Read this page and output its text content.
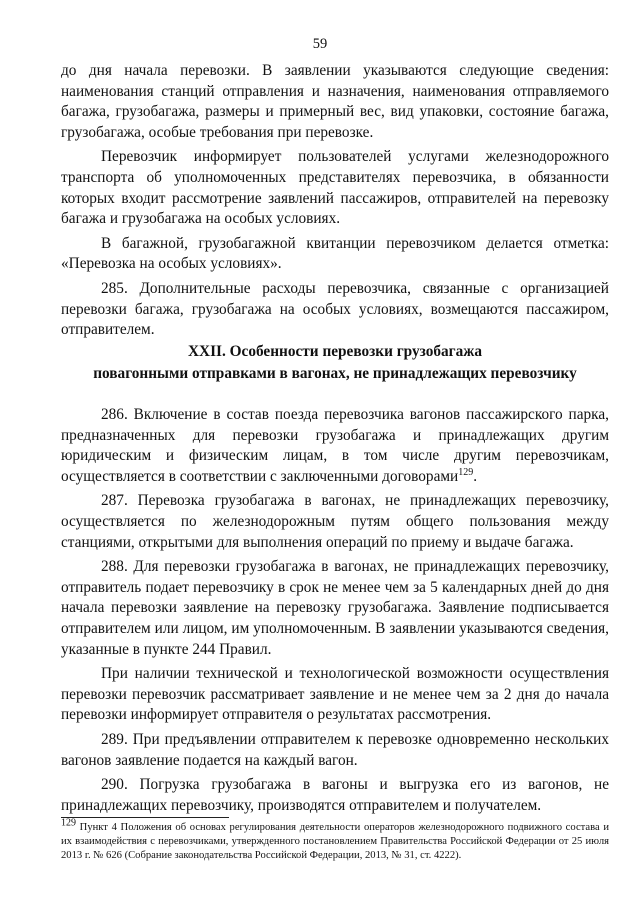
59

до дня начала перевозки. В заявлении указываются следующие сведения: наименования станций отправления и назначения, наименования отправляемого багажа, грузобагажа, размеры и примерный вес, вид упаковки, состояние багажа, грузобагажа, особые требования при перевозке.

Перевозчик информирует пользователей услугами железнодорожного транспорта об уполномоченных представителях перевозчика, в обязанности которых входит рассмотрение заявлений пассажиров, отправителей на перевозку багажа и грузобагажа на особых условиях.

В багажной, грузобагажной квитанции перевозчиком делается отметка: «Перевозка на особых условиях».

285. Дополнительные расходы перевозчика, связанные с организацией перевозки багажа, грузобагажа на особых условиях, возмещаются пассажиром, отправителем.

XXII. Особенности перевозки грузобагажа
повагонными отправками в вагонах, не принадлежащих перевозчику

286. Включение в состав поезда перевозчика вагонов пассажирского парка, предназначенных для перевозки грузобагажа и принадлежащих другим юридическим и физическим лицам, в том числе другим перевозчикам, осуществляется в соответствии с заключенными договорами$^{129}$.

287. Перевозка грузобагажа в вагонах, не принадлежащих перевозчику, осуществляется по железнодорожным путям общего пользования между станциями, открытыми для выполнения операций по приему и выдаче багажа.

288. Для перевозки грузобагажа в вагонах, не принадлежащих перевозчику, отправитель подает перевозчику в срок не менее чем за 5 календарных дней до дня начала перевозки заявление на перевозку грузобагажа. Заявление подписывается отправителем или лицом, им уполномоченным. В заявлении указываются сведения, указанные в пункте 244 Правил.

При наличии технической и технологической возможности осуществления перевозки перевозчик рассматривает заявление и не менее чем за 2 дня до начала перевозки информирует отправителя о результатах рассмотрения.

289. При предъявлении отправителем к перевозке одновременно нескольких вагонов заявление подается на каждый вагон.

290. Погрузка грузобагажа в вагоны и выгрузка его из вагонов, не принадлежащих перевозчику, производятся отправителем и получателем.

$^{129}$ Пункт 4 Положения об основах регулирования деятельности операторов железнодорожного подвижного состава и их взаимодействия с перевозчиками, утвержденного постановлением Правительства Российской Федерации от 25 июля 2013 г. № 626 (Собрание законодательства Российской Федерации, 2013, № 31, ст. 4222).
